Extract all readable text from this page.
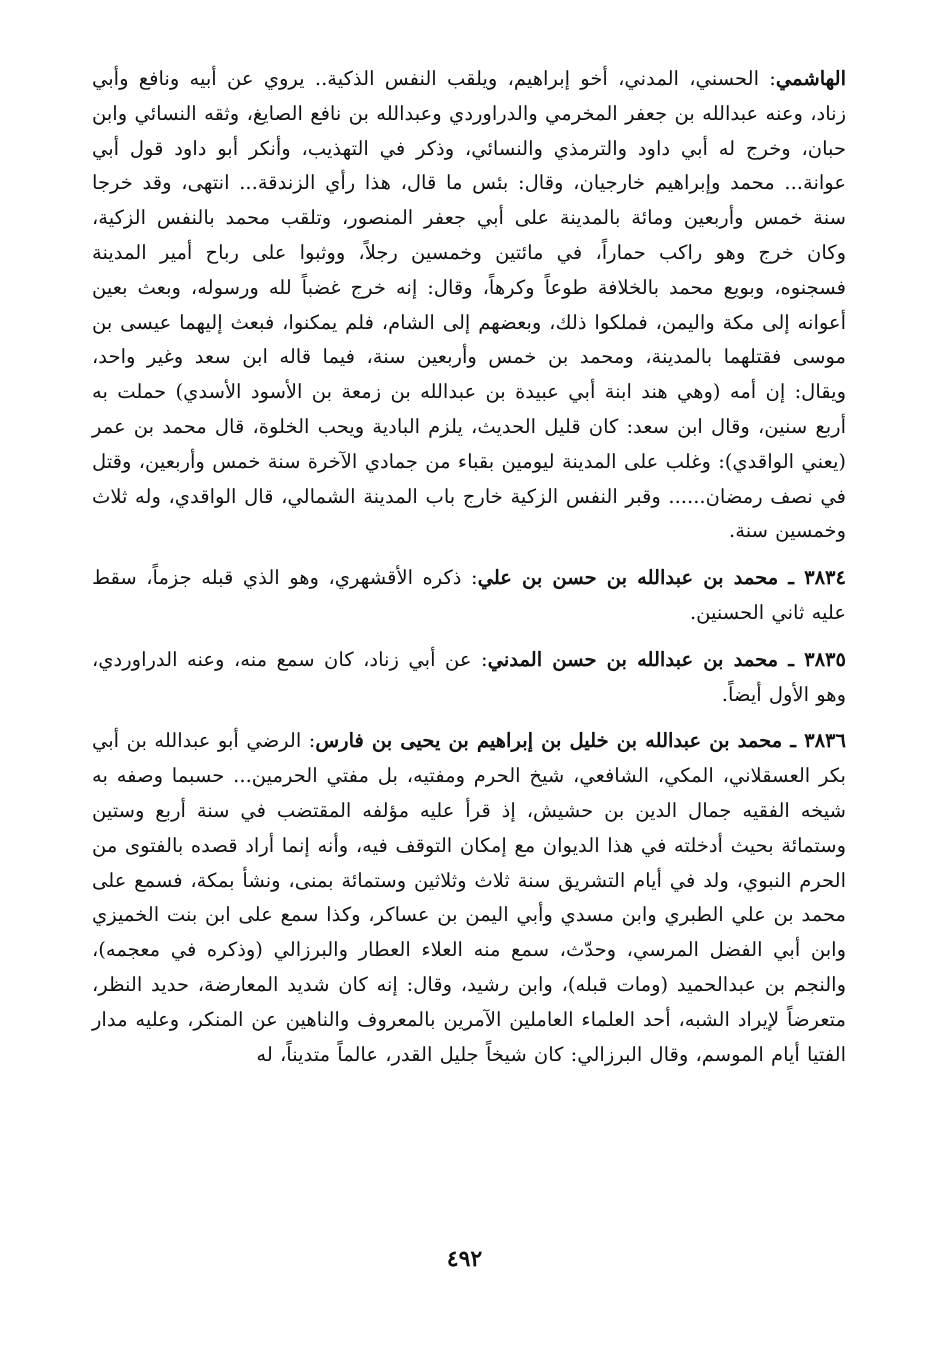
الهاشمي: الحسني، المدني، أخو إبراهيم، ويلقب النفس الذكية.. يروي عن أبيه ونافع وأبي زناد، وعنه عبدالله بن جعفر المخرمي والدراوردي وعبدالله بن نافع الصايغ، وثقه النسائي وابن حبان، وخرج له أبي داود والترمذي والنسائي، وذكر في التهذيب، وأنكر أبو داود قول أبي عوانة... محمد وإبراهيم خارجيان، وقال: بئس ما قال، هذا رأي الزندقة... انتهى، وقد خرجا سنة خمس وأربعين ومائة بالمدينة على أبي جعفر المنصور، وتلقب محمد بالنفس الزكية، وكان خرج وهو راكب حماراً، في مائتين وخمسين رجلاً، ووثبوا على رباح أمير المدينة فسجنوه، وبويع محمد بالخلافة طوعاً وكرهاً، وقال: إنه خرج غضباً لله ورسوله، وبعث بعين أعوانه إلى مكة واليمن، فملكوا ذلك، وبعضهم إلى الشام، فلم يمكنوا، فبعث إليهما عيسى بن موسى فقتلهما بالمدينة، ومحمد بن خمس وأربعين سنة، فيما قاله ابن سعد وغير واحد، ويقال: إن أمه (وهي هند ابنة أبي عبيدة بن عبدالله بن زمعة بن الأسود الأسدي) حملت به أربع سنين، وقال ابن سعد: كان قليل الحديث، يلزم البادية ويحب الخلوة، قال محمد بن عمر (يعني الواقدي): وغلب على المدينة ليومين بقباء من جمادي الآخرة سنة خمس وأربعين، وقتل في نصف رمضان...... وقبر النفس الزكية خارج باب المدينة الشمالي، قال الواقدي، وله ثلاث وخمسين سنة.

٣٨٣٤ ـ محمد بن عبدالله بن حسن بن علي: ذكره الأقشهري، وهو الذي قبله جزماً، سقط عليه ثاني الحسنين.

٣٨٣٥ ـ محمد بن عبدالله بن حسن المدني: عن أبي زناد، كان سمع منه، وعنه الدراوردي، وهو الأول أيضاً.

٣٨٣٦ ـ محمد بن عبدالله بن خليل بن إبراهيم بن يحيى بن فارس: الرضي أبو عبدالله بن أبي بكر العسقلاني، المكي، الشافعي، شيخ الحرم ومفتيه، بل مفتي الحرمين... حسبما وصفه به شيخه الفقيه جمال الدين بن حشيش، إذ قرأ عليه مؤلفه المقتضب في سنة أربع وستين وستمائة بحيث أدخلته في هذا الديوان مع إمكان التوقف فيه، وأنه إنما أراد قصده بالفتوى من الحرم النبوي، ولد في أيام التشريق سنة ثلاث وثلاثين وستمائة بمنى، ونشأ بمكة، فسمع على محمد بن علي الطبري وابن مسدي وأبي اليمن بن عساكر، وكذا سمع على ابن بنت الخميزي وابن أبي الفضل المرسي، وحدّث، سمع منه العلاء العطار والبرزالي (وذكره في معجمه)، والنجم بن عبدالحميد (ومات قبله)، وابن رشيد، وقال: إنه كان شديد المعارضة، حديد النظر، متعرضاً لإيراد الشبه، أحد العلماء العاملين الآمرين بالمعروف والناهين عن المنكر، وعليه مدار الفتيا أيام الموسم، وقال البرزالي: كان شيخاً جليل القدر، عالماً متديناً، له

٤٩٢
